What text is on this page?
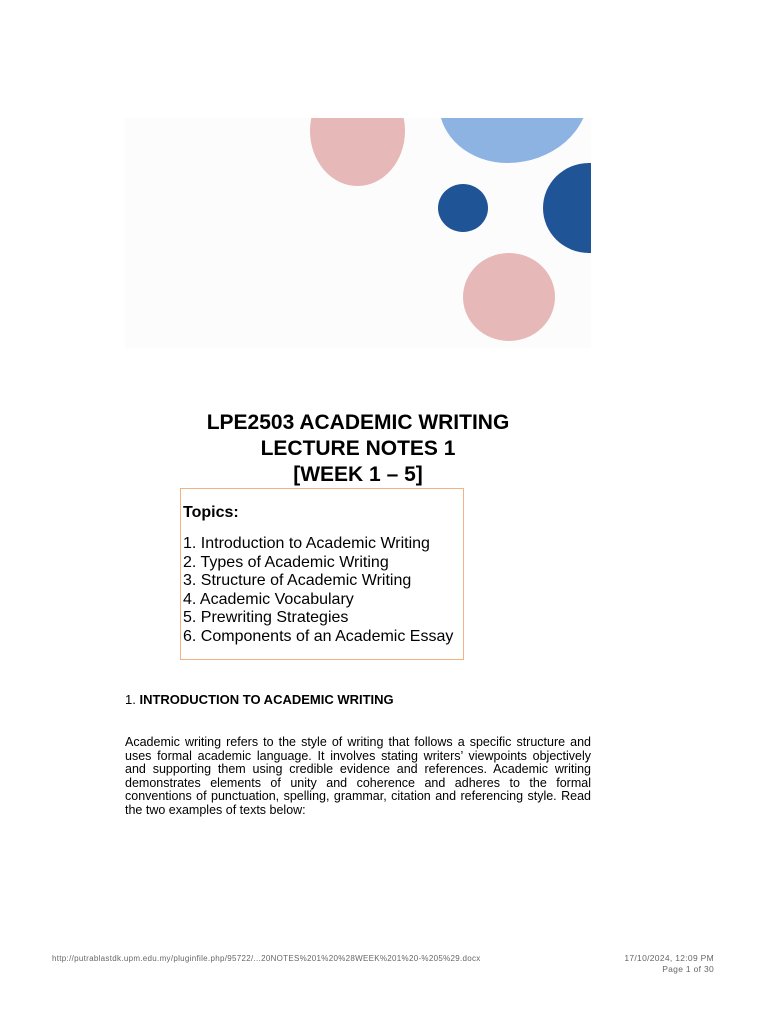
LPE2503 ACADEMIC WRITING
LECTURE NOTES 1
[WEEK 1 – 5]
Topics:
1. Introduction to Academic Writing
2. Types of Academic Writing
3. Structure of Academic Writing
4. Academic Vocabulary
5. Prewriting Strategies
6. Components of an Academic Essay
1. INTRODUCTION TO ACADEMIC WRITING

Academic writing refers to the style of writing that follows a specific structure and uses formal academic language. It involves stating writers’ viewpoints objectively and supporting them using credible evidence and references. Academic writing demonstrates elements of unity and coherence and adheres to the formal conventions of punctuation, spelling, grammar, citation and referencing style. Read the two examples of texts below:

http://putrablastdk.upm.edu.my/pluginfile.php/95722/...20NOTES%201%20%28WEEK%201%20-%205%29.docx	17/10/2024, 12:09 PM
Page 1 of 30
